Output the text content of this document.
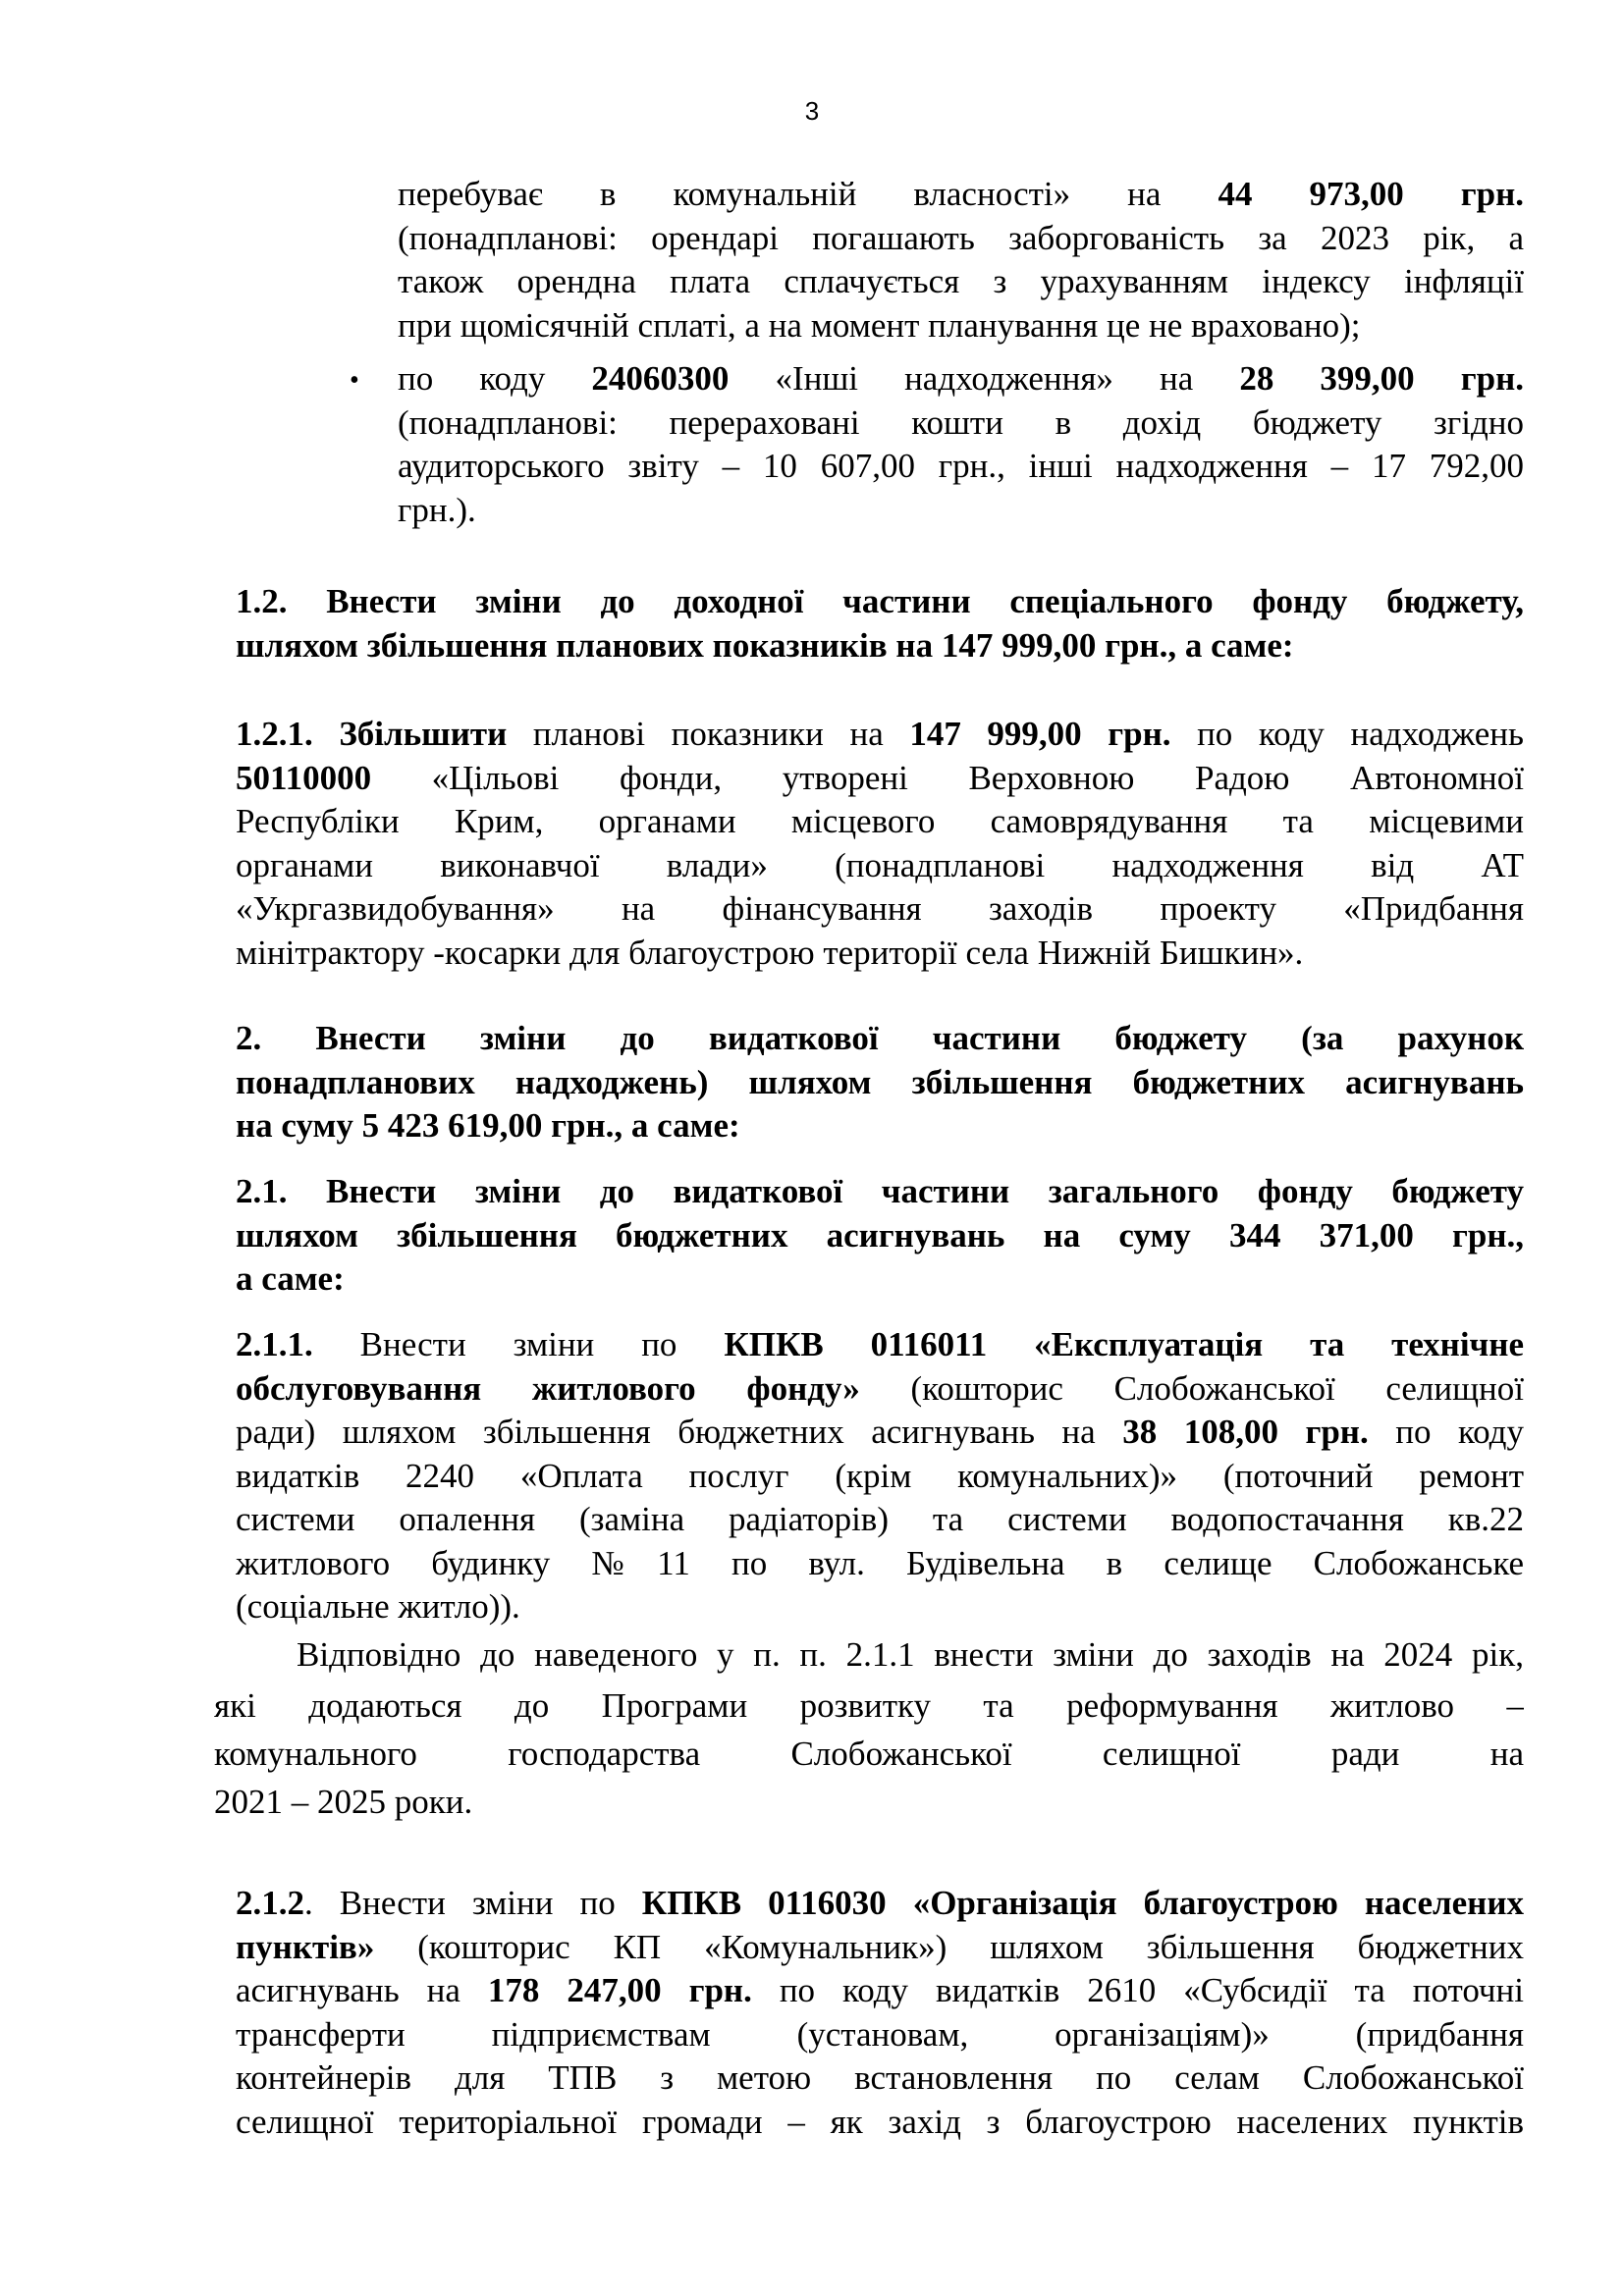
3
перебуває в комунальній власності» на 44 973,00 грн.
(понадпланові: орендарі погашають заборгованість за 2023 рік, а
також орендна плата сплачується з урахуванням індексу інфляції
при щомісячній сплаті, а на момент планування це не враховано);
• по коду 24060300 «Інші надходження» на 28 399,00 грн.
(понадпланові: перераховані кошти в дохід бюджету згідно
аудиторського звіту – 10 607,00 грн., інші надходження – 17 792,00
грн.).
1.2. Внести зміни до доходної частини спеціального фонду бюджету,
шляхом збільшення планових показників на 147 999,00 грн., а саме:
1.2.1. Збільшити планові показники на 147 999,00 грн. по коду надходжень
50110000 «Цільові фонди, утворені Верховною Радою Автономної
Республіки Крим, органами місцевого самоврядування та місцевими
органами виконавчої влади» (понадпланові надходження від АТ
«Укргазвидобування» на фінансування заходів проекту «Придбання
мінітрактору -косарки для благоустрою території села Нижній Бишкин».
2. Внести зміни до видаткової частини бюджету (за рахунок
понадпланових надходжень) шляхом збільшення бюджетних асигнувань
на суму 5 423 619,00 грн., а саме:
2.1. Внести зміни до видаткової частини загального фонду бюджету
шляхом збільшення бюджетних асигнувань на суму 344 371,00 грн.,
а саме:
2.1.1. Внести зміни по КПКВ 0116011 «Експлуатація та технічне
обслуговування житлового фонду» (кошторис Слобожанської селищної
ради) шляхом збільшення бюджетних асигнувань на 38 108,00 грн. по коду
видатків 2240 «Оплата послуг (крім комунальних)» (поточний ремонт
системи опалення (заміна радіаторів) та системи водопостачання кв.22
житлового будинку №11 по вул. Будівельна в селище Слобожанське
(соціальне житло)).
Відповідно до наведеного у п. п. 2.1.1 внести зміни до заходів на 2024 рік,
які додаються до Програми розвитку та реформування житлово –
комунального господарства Слобожанської селищної ради на
2021 – 2025 роки.
2.1.2. Внести зміни по КПКВ 0116030 «Організація благоустрою населених
пунктів» (кошторис КП «Комунальник») шляхом збільшення бюджетних
асигнувань на 178 247,00 грн. по коду видатків 2610 «Субсидії та поточні
трансферти підприємствам (установам, організаціям)» (придбання
контейнерів для ТПВ з метою встановлення по селам Слобожанської
селищної територіальної громади – як захід з благоустрою населених пунктів
